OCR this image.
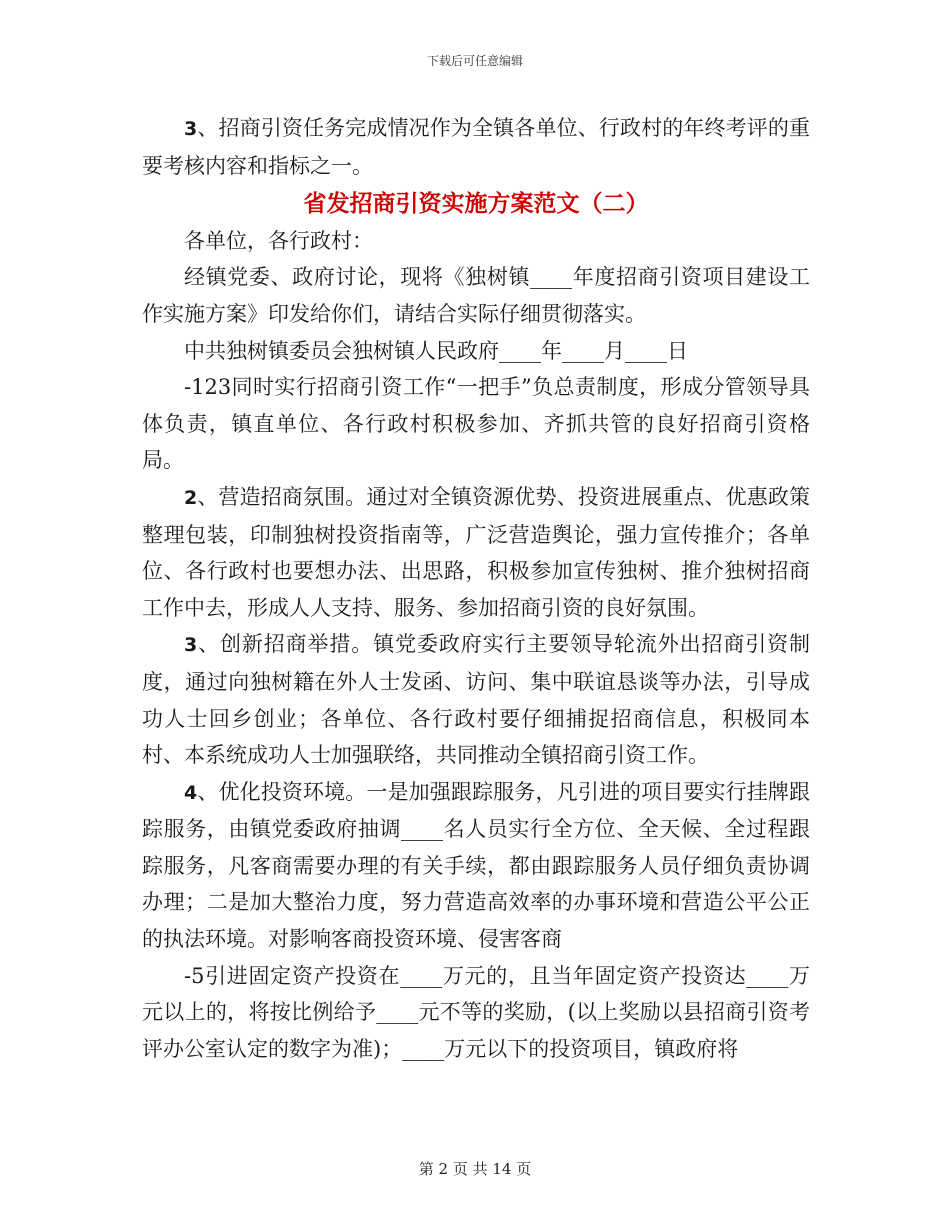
下载后可任意编辑

3、招商引资任务完成情况作为全镇各单位、行政村的年终考评的重要考核内容和指标之一。

省发招商引资实施方案范文（二）

各单位，各行政村：

经镇党委、政府讨论，现将《独树镇____年度招商引资项目建设工作实施方案》印发给你们，请结合实际仔细贯彻落实。

中共独树镇委员会独树镇人民政府____年____月____日

-123同时实行招商引资工作“一把手”负总责制度，形成分管领导具体负责，镇直单位、各行政村积极参加、齐抓共管的良好招商引资格局。

2、营造招商氛围。通过对全镇资源优势、投资进展重点、优惠政策整理包装，印制独树投资指南等，广泛营造舆论，强力宣传推介；各单位、各行政村也要想办法、出思路，积极参加宣传独树、推介独树招商工作中去，形成人人支持、服务、参加招商引资的良好氛围。

3、创新招商举措。镇党委政府实行主要领导轮流外出招商引资制度，通过向独树籍在外人士发函、访问、集中联谊恳谈等办法，引导成功人士回乡创业；各单位、各行政村要仔细捕捉招商信息，积极同本村、本系统成功人士加强联络，共同推动全镇招商引资工作。

4、优化投资环境。一是加强跟踪服务，凡引进的项目要实行挂牌跟踪服务，由镇党委政府抽调____名人员实行全方位、全天候、全过程跟踪服务，凡客商需要办理的有关手续，都由跟踪服务人员仔细负责协调办理；二是加大整治力度，努力营造高效率的办事环境和营造公平公正的执法环境。对影响客商投资环境、侵害客商

-5引进固定资产投资在____万元的，且当年固定资产投资达____万元以上的，将按比例给予____元不等的奖励，(以上奖励以县招商引资考评办公室认定的数字为准)；____万元以下的投资项目，镇政府将

第 2 页 共 14 页
